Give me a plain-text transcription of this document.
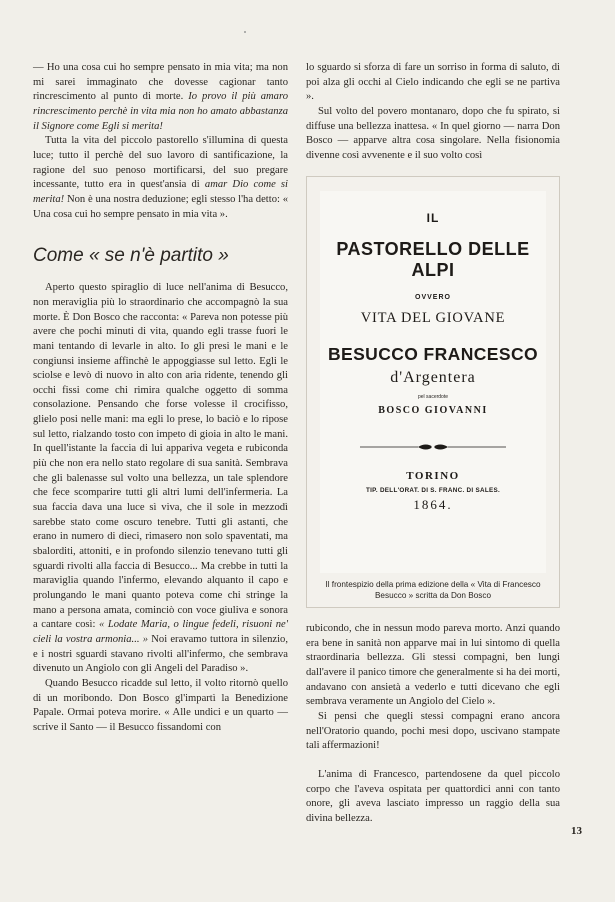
— Ho una cosa cui ho sempre pensato in mia vita; ma non mi sarei immaginato che dovesse cagionar tanto rincrescimento al punto di morte. Io provo il più amaro rincrescimento perchè in vita mia non ho amato abbastanza il Signore come Egli si merita!

Tutta la vita del piccolo pastorello s'illumina di questa luce; tutto il perchè del suo lavoro di santificazione, la ragione del suo penoso mortificarsi, del suo pregare incessante, tutto era in quest'ansia di amar Dio come si merita! Non è una nostra deduzione; egli stesso l'ha detto: « Una cosa cui ho sempre pensato in mia vita ».

Come « se n'è partito »

Aperto questo spiraglio di luce nell'anima di Besucco, non meraviglia più lo straordinario che accompagnò la sua morte. È Don Bosco che racconta: « Pareva non potesse più avere che pochi minuti di vita, quando egli trasse fuori le mani tentando di levarle in alto. Io gli presi le mani e le congiunsi insieme affinchè le appoggiasse sul letto. Egli le sciolse e levò di nuovo in alto con aria ridente, tenendo gli occhi fissi come chi rimira qualche oggetto di somma consolazione. Pensando che forse volesse il crocifisso, glielo posi nelle mani: ma egli lo prese, lo baciò e lo ripose sul letto, rialzando tosto con impeto di gioia in alto le mani. In quell'istante la faccia di lui appariva vegeta e rubiconda più che non era nello stato regolare di sua sanità. Sembrava che gli balenasse sul volto una bellezza, un tale splendore che fece scomparire tutti gli altri lumi dell'infermeria. La sua faccia dava una luce sì viva, che il sole in mezzodì sarebbe stato come oscuro tenebre. Tutti gli astanti, che erano in numero di dieci, rimasero non solo spaventati, ma sbalorditi, attoniti, e in profondo silenzio tenevano tutti gli sguardi rivolti alla faccia di Besucco... Ma crebbe in tutti la maraviglia quando l'infermo, elevando alquanto il capo e prolungando le mani quanto poteva come chi stringe la mano a persona amata, cominciò con voce giuliva e sonora a cantare così: « Lodate Maria, o lingue fedeli, risuoni ne' cieli la vostra armonia... » Noi eravamo tuttora in silenzio, e i nostri sguardi stavano rivolti all'infermo, che sembrava divenuto un Angiolo con gli Angeli del Paradiso ».

Quando Besucco ricadde sul letto, il volto ritornò quello di un moribondo. Don Bosco gl'impartì la Benedizione Papale. Ormai poteva morire. « Alle undici e un quarto — scrive il Santo — il Besucco fissandomi con

lo sguardo si sforza di fare un sorriso in forma di saluto, di poi alza gli occhi al Cielo indicando che egli se ne partiva ».

Sul volto del povero montanaro, dopo che fu spirato, si diffuse una bellezza inattesa. « In quel giorno — narra Don Bosco — apparve altra cosa singolare. Nella fisionomia divenne così avvenente e il suo volto così

IL
PASTORELLO DELLE ALPI
OVVERO
VITA DEL GIOVANE
BESUCCO FRANCESCO
d'Argentera
pel sacerdote
BOSCO GIOVANNI
TORINO
TIP. DELL'ORAT. DI S. FRANC. DI SALES.
1864.
Il frontespizio della prima edizione della « Vita di Francesco Besucco » scritta da Don Bosco

rubicondo, che in nessun modo pareva morto. Anzi quando era bene in sanità non apparve mai in lui sintomo di quella straordinaria bellezza. Gli stessi compagni, ben lungi dall'avere il panico timore che generalmente si ha dei morti, andavano con ansietà a vederlo e tutti dicevano che egli sembrava veramente un Angiolo del Cielo ».

Si pensi che quegli stessi compagni erano ancora nell'Oratorio quando, pochi mesi dopo, uscivano stampate tali affermazioni!

L'anima di Francesco, partendosene da quel piccolo corpo che l'aveva ospitata per quattordici anni con tanto onore, gli aveva lasciato impresso un raggio della sua divina bellezza.

13
